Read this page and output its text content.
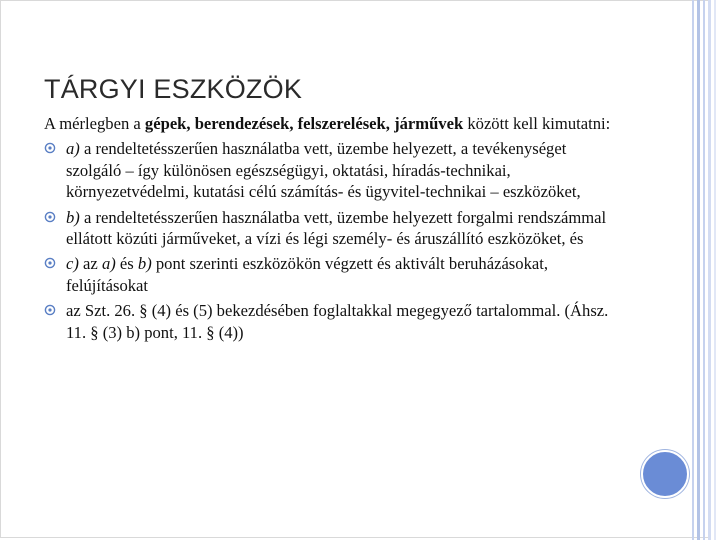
TÁRGYI ESZKÖZÖK

A mérlegben a gépek, berendezések, felszerelések, járművek között kell kimutatni:

a) a rendeltetésszerűen használatba vett, üzembe helyezett, a tevékenységet szolgáló – így különösen egészségügyi, oktatási, híradás-technikai, környezetvédelmi, kutatási célú számítás- és ügyvitel-technikai – eszközöket,

b) a rendeltetésszerűen használatba vett, üzembe helyezett forgalmi rendszámmal ellátott közúti járműveket, a vízi és légi személy- és áruszállító eszközöket, és

c) az a) és b) pont szerinti eszközökön végzett és aktivált beruházásokat, felújításokat

az Szt. 26. § (4) és (5) bekezdésében foglaltakkal megegyező tartalommal. (Áhsz. 11. § (3) b) pont, 11. § (4))
